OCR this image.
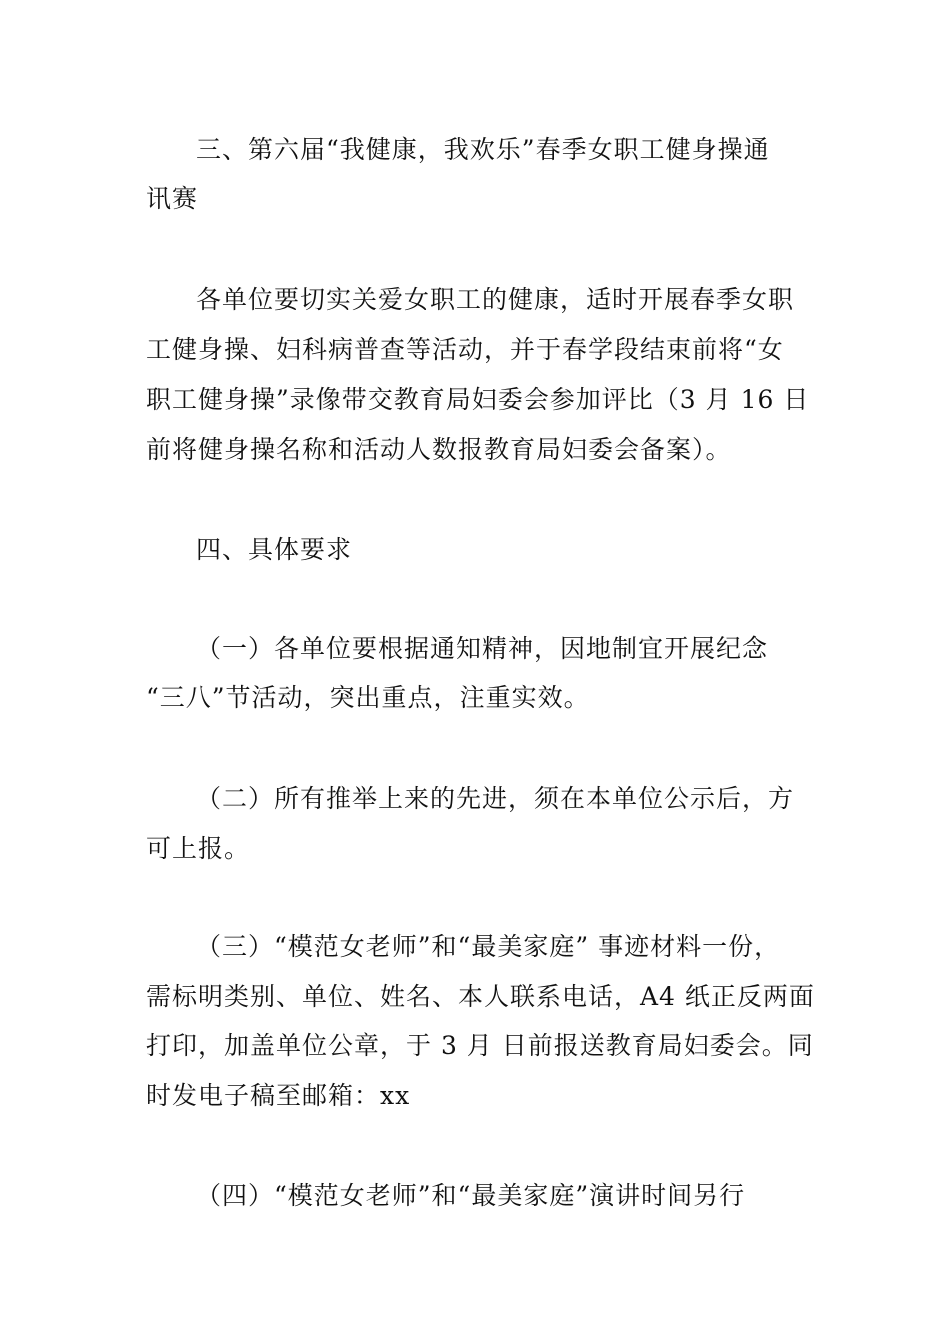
三、第六届“我健康，我欢乐”春季女职工健身操通
讯赛
各单位要切实关爱女职工的健康，适时开展春季女职
工健身操、妇科病普查等活动，并于春学段结束前将“女
职工健身操”录像带交教育局妇委会参加评比（3 月 16 日
前将健身操名称和活动人数报教育局妇委会备案）。
四、具体要求
（一）各单位要根据通知精神，因地制宜开展纪念
“三八”节活动，突出重点，注重实效。
（二）所有推举上来的先进，须在本单位公示后，方
可上报。
（三）“模范女老师”和“最美家庭” 事迹材料一份，
需标明类别、单位、姓名、本人联系电话，A4 纸正反两面
打印，加盖单位公章，于 3 月 日前报送教育局妇委会。同
时发电子稿至邮箱：xx
（四）“模范女老师”和“最美家庭”演讲时间另行
